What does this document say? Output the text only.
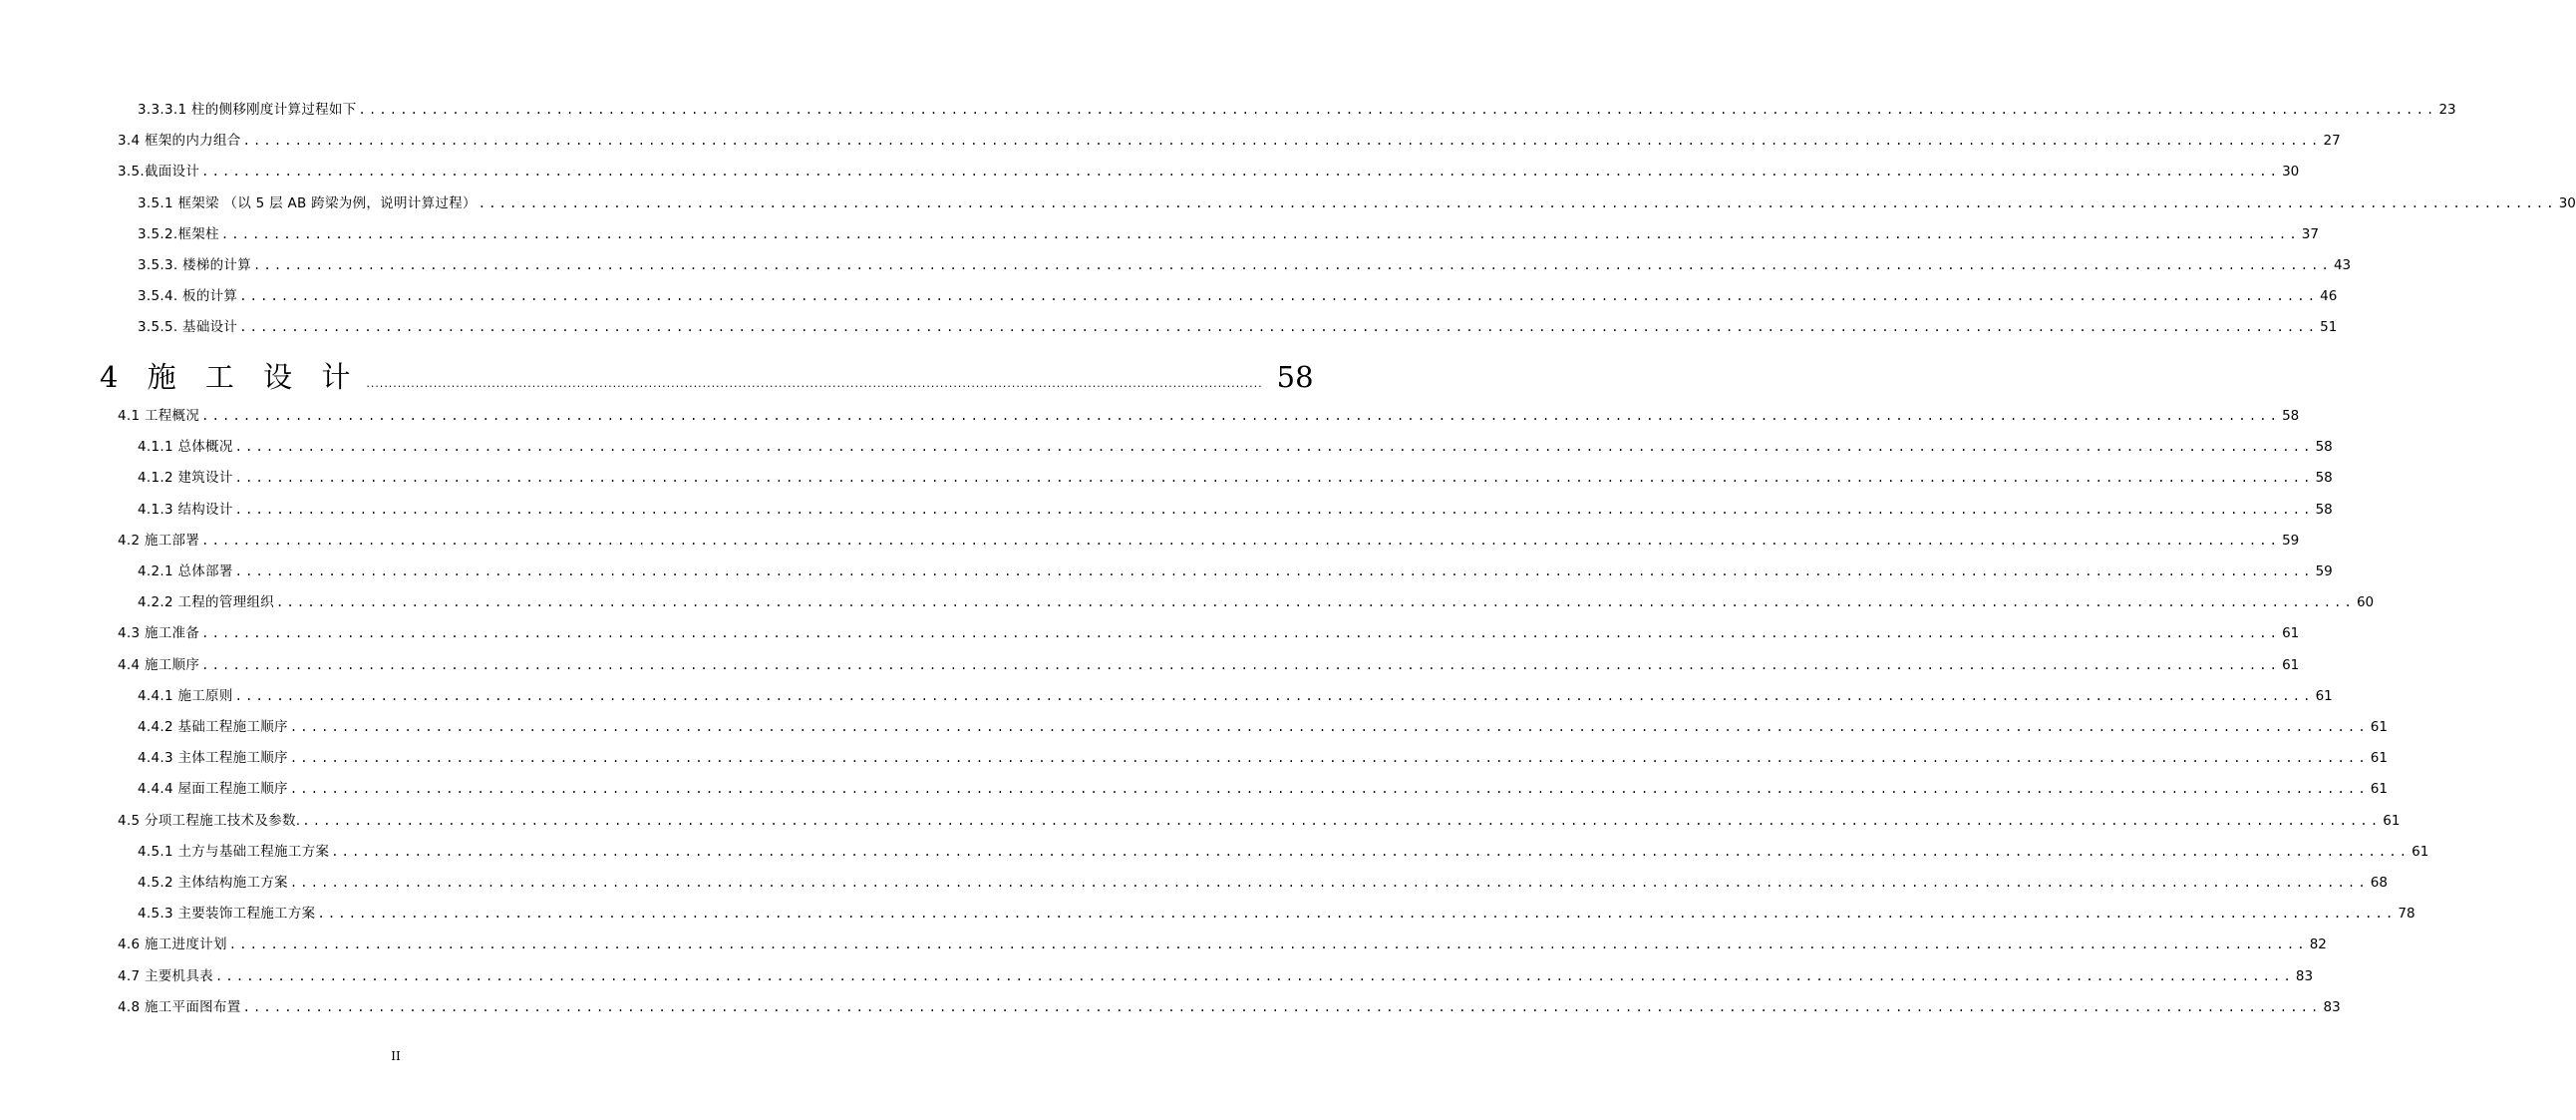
3.3.3.1 柱的侧移刚度计算过程如下 ........................................................................................................................................................................................................ 23
3.4 框架的内力组合 ........................................................................................................................................................................................................ 27
3.5.截面设计 ........................................................................................................................................................................................................ 30
3.5.1 框架梁 （以 5 层 AB 跨梁为例，说明计算过程） ........................................................................................................................................................................................................ 30
3.5.2.框架柱 ........................................................................................................................................................................................................ 37
3.5.3. 楼梯的计算 ........................................................................................................................................................................................................ 43
3.5.4. 板的计算 ........................................................................................................................................................................................................ 46
3.5.5. 基础设计 ........................................................................................................................................................................................................ 51
4 施 工 设 计 ........................................................................................................................................................................................................ 58
4.1 工程概况 ........................................................................................................................................................................................................ 58
4.1.1 总体概况 ........................................................................................................................................................................................................ 58
4.1.2 建筑设计 ........................................................................................................................................................................................................ 58
4.1.3 结构设计 ........................................................................................................................................................................................................ 58
4.2 施工部署 ........................................................................................................................................................................................................ 59
4.2.1 总体部署 ........................................................................................................................................................................................................ 59
4.2.2 工程的管理组织 ........................................................................................................................................................................................................ 60
4.3 施工准备 ........................................................................................................................................................................................................ 61
4.4 施工顺序 ........................................................................................................................................................................................................ 61
4.4.1 施工原则 ........................................................................................................................................................................................................ 61
4.4.2 基础工程施工顺序 ........................................................................................................................................................................................................ 61
4.4.3 主体工程施工顺序 ........................................................................................................................................................................................................ 61
4.4.4 屋面工程施工顺序 ........................................................................................................................................................................................................ 61
4.5 分项工程施工技术及参数. ........................................................................................................................................................................................................ 61
4.5.1 土方与基础工程施工方案 ........................................................................................................................................................................................................ 61
4.5.2 主体结构施工方案 ........................................................................................................................................................................................................ 68
4.5.3 主要装饰工程施工方案 ........................................................................................................................................................................................................ 78
4.6 施工进度计划 ........................................................................................................................................................................................................ 82
4.7 主要机具表 ........................................................................................................................................................................................................ 83
4.8 施工平面图布置 ........................................................................................................................................................................................................ 83
II
